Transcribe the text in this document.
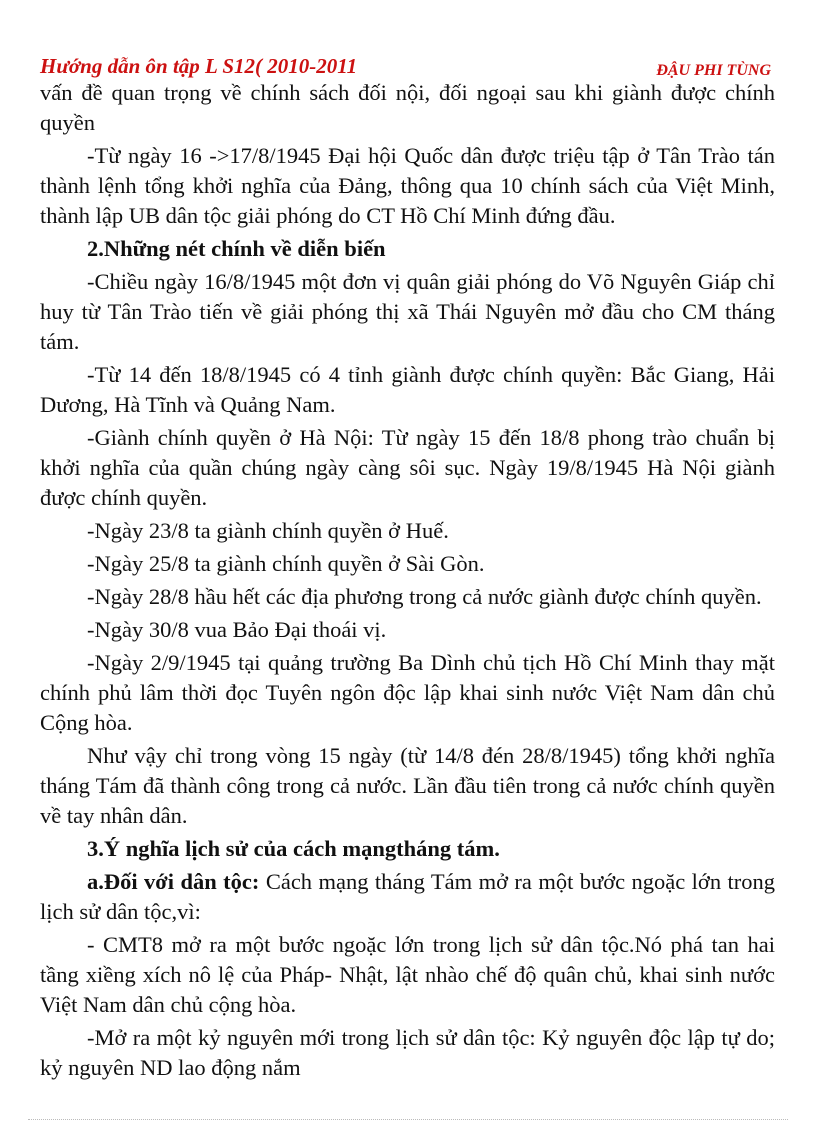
Hướng dẫn ôn tập L S12( 2010-2011	ĐẬU PHI TÙNG

vấn đề quan trọng về chính sách đối nội, đối ngoại sau khi giành được chính quyền

-Từ ngày 16 ->17/8/1945 Đại hội Quốc dân được triệu tập ở Tân Trào tán thành lệnh tổng khởi nghĩa của Đảng, thông qua 10 chính sách của Việt Minh, thành lập UB dân tộc giải phóng do CT Hồ Chí Minh đứng đầu.

2.Những nét chính về diễn biến

-Chiều ngày 16/8/1945 một đơn vị quân giải phóng do Võ Nguyên Giáp chỉ huy từ Tân Trào tiến về giải phóng thị xã Thái Nguyên mở đầu cho CM tháng tám.

-Từ 14 đến 18/8/1945 có 4 tỉnh giành được chính quyền: Bắc Giang, Hải Dương, Hà Tĩnh và Quảng Nam.

-Giành chính quyền ở Hà Nội: Từ ngày 15 đến 18/8 phong trào chuẩn bị khởi nghĩa của quần chúng ngày càng sôi sục. Ngày 19/8/1945 Hà Nội giành được chính quyền.

-Ngày 23/8 ta giành chính quyền ở Huế.

-Ngày 25/8 ta giành chính quyền ở Sài Gòn.

-Ngày 28/8 hầu hết các địa phương trong cả nước giành được chính quyền.

-Ngày 30/8 vua Bảo Đại thoái vị.

-Ngày 2/9/1945 tại quảng trường Ba Dình chủ tịch Hồ Chí Minh thay mặt chính phủ lâm thời đọc Tuyên ngôn độc lập khai sinh nước Việt Nam dân chủ Cộng hòa.

Như vậy chỉ trong vòng 15 ngày (từ 14/8 đén 28/8/1945) tổng khởi nghĩa tháng Tám đã thành công trong cả nước. Lần đầu tiên trong cả nước chính quyền về tay nhân dân.

3.Ý nghĩa lịch sử của cách mạngtháng tám.

a.Đối với dân tộc: Cách mạng tháng Tám mở ra một bước ngoặc lớn trong lịch sử dân tộc,vì:

- CMT8 mở ra một bước ngoặc lớn trong lịch sử dân tộc.Nó phá tan hai tầng xiềng xích nô lệ của Pháp- Nhật, lật nhào chế độ quân chủ, khai sinh nước Việt Nam dân chủ cộng hòa.

-Mở ra một kỷ nguyên mới trong lịch sử dân tộc: Kỷ nguyên độc lập tự do; kỷ nguyên ND lao động nắm
